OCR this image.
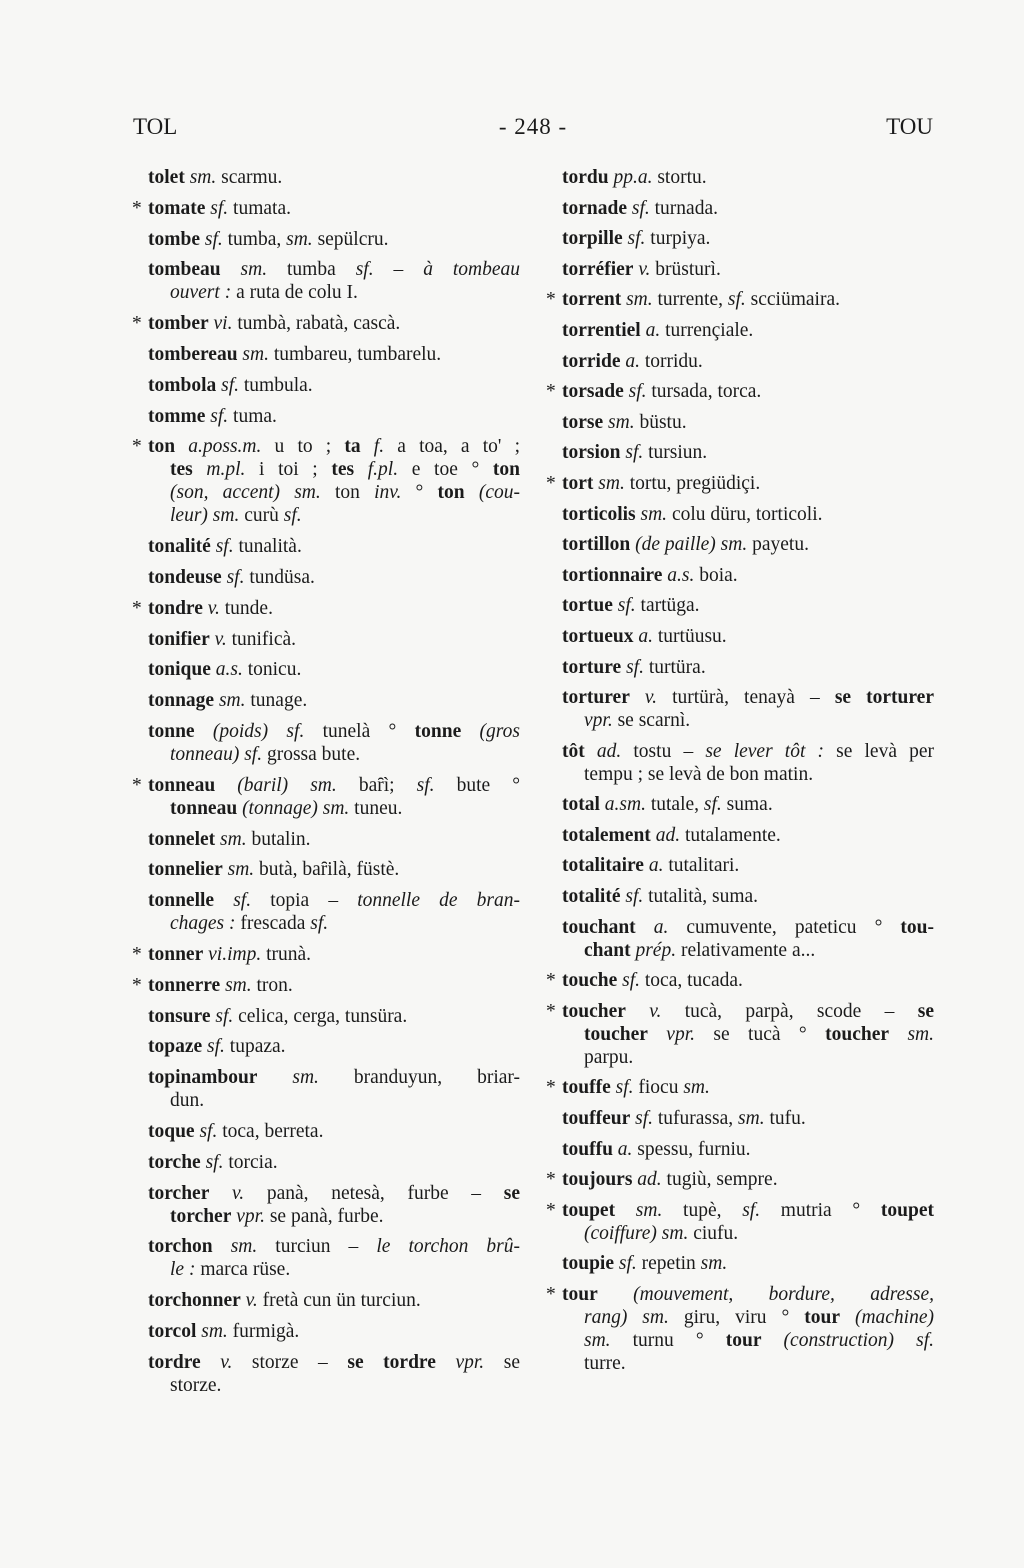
TOL	- 248 -	TOU
tolet sm. scarmu.
* tomate sf. tumata.
tombe sf. tumba, sm. sepülcru.
tombeau sm. tumba sf. – à tombeau
ouvert : a ruta de colu I.
* tomber vi. tumbà, rabatà, cascà.
tombereau sm. tumbareu, tumbarelu.
tombola sf. tumbula.
tomme sf. tuma.
* ton a.poss.m. u to ; ta f. a toa, a to' ;
tes m.pl. i toi ; tes f.pl. e toe ° ton
(son, accent) sm. ton inv. ° ton (cou-
leur) sm. curù sf.
tonalité sf. tunalità.
tondeuse sf. tundüsa.
* tondre v. tunde.
tonifier v. tunificà.
tonique a.s. tonicu.
tonnage sm. tunage.
tonne (poids) sf. tunelà ° tonne (gros
tonneau) sf. grossa bute.
* tonneau (baril) sm. baȓì; sf. bute °
tonneau (tonnage) sm. tuneu.
tonnelet sm. butalin.
tonnelier sm. butà, baȓilà, füstè.
tonnelle sf. topia – tonnelle de bran-
chages : frescada sf.
* tonner vi.imp. trunà.
* tonnerre sm. tron.
tonsure sf. celica, cerga, tunsüra.
topaze sf. tupaza.
topinambour sm. branduyun, briar-
dun.
toque sf. toca, berreta.
torche sf. torcia.
torcher v. panà, netesà, furbe – se
torcher vpr. se panà, furbe.
torchon sm. turciun – le torchon brû-
le : marca rüse.
torchonner v. fretà cun ün turciun.
torcol sm. furmigà.
tordre v. storze – se tordre vpr. se
storze.
tordu pp.a. stortu.
tornade sf. turnada.
torpille sf. turpiya.
torréfier v. brüsturì.
* torrent sm. turrente, sf. scciümaira.
torrentiel a. turrençiale.
torride a. torridu.
* torsade sf. tursada, torca.
torse sm. büstu.
torsion sf. tursiun.
* tort sm. tortu, pregiüdiçi.
torticolis sm. colu düru, torticoli.
tortillon (de paille) sm. payetu.
tortionnaire a.s. boia.
tortue sf. tartüga.
tortueux a. turtüusu.
torture sf. turtüra.
torturer v. turtürà, tenayà – se torturer
vpr. se scarnì.
tôt ad. tostu – se lever tôt : se levà per
tempu ; se levà de bon matin.
total a.sm. tutale, sf. suma.
totalement ad. tutalamente.
totalitaire a. tutalitari.
totalité sf. tutalità, suma.
touchant a. cumuvente, pateticu ° tou-
chant prép. relativamente a...
* touche sf. toca, tucada.
* toucher v. tucà, parpà, scode – se
toucher vpr. se tucà ° toucher sm.
parpu.
* touffe sf. fiocu sm.
touffeur sf. tufurassa, sm. tufu.
touffu a. spessu, furniu.
* toujours ad. tugiù, sempre.
* toupet sm. tupè, sf. mutria ° toupet
(coiffure) sm. ciufu.
toupie sf. repetin sm.
* tour (mouvement, bordure, adresse,
rang) sm. giru, viru ° tour (machine)
sm. turnu ° tour (construction) sf.
turre.
